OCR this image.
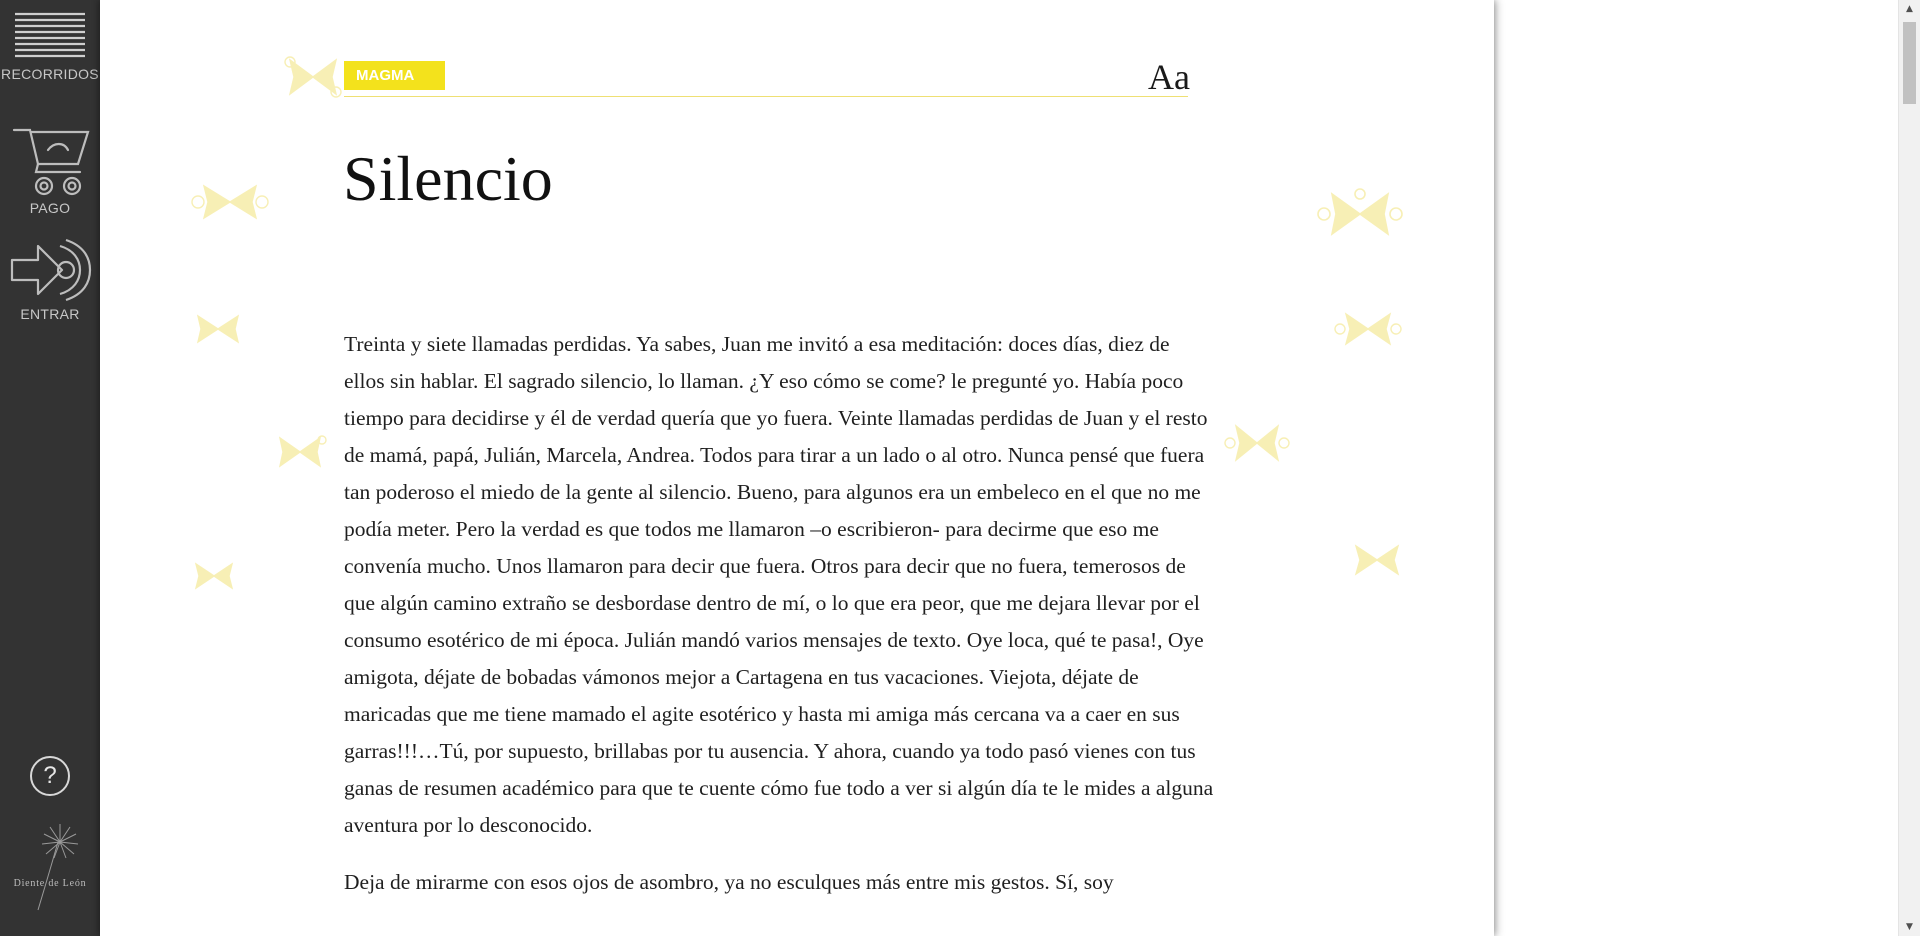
RECORRIDOS
PAGO
ENTRAR
?
Diente de León
MAGMA	Aa
Silencio

Treinta y siete llamadas perdidas. Ya sabes, Juan me invitó a esa meditación: doces días, diez de ellos sin hablar. El sagrado silencio, lo llaman. ¿Y eso cómo se come? le pregunté yo. Había poco tiempo para decidirse y él de verdad quería que yo fuera. Veinte llamadas perdidas de Juan y el resto de mamá, papá, Julián, Marcela, Andrea. Todos para tirar a un lado o al otro. Nunca pensé que fuera tan poderoso el miedo de la gente al silencio. Bueno, para algunos era un embeleco en el que no me podía meter. Pero la verdad es que todos me llamaron –o escribieron- para decirme que eso me convenía mucho. Unos llamaron para decir que fuera. Otros para decir que no fuera, temerosos de que algún camino extraño se desbordase dentro de mí, o lo que era peor, que me dejara llevar por el consumo esotérico de mi época. Julián mandó varios mensajes de texto. Oye loca, qué te pasa!, Oye amigota, déjate de bobadas vámonos mejor a Cartagena en tus vacaciones. Viejota, déjate de maricadas que me tiene mamado el agite esotérico y hasta mi amiga más cercana va a caer en sus garras!!!…Tú, por supuesto, brillabas por tu ausencia. Y ahora, cuando ya todo pasó vienes con tus ganas de resumen académico para que te cuente cómo fue todo a ver si algún día te le mides a alguna aventura por lo desconocido.

Deja de mirarme con esos ojos de asombro, ya no esculques más entre mis gestos. Sí, soy

▲
▼
